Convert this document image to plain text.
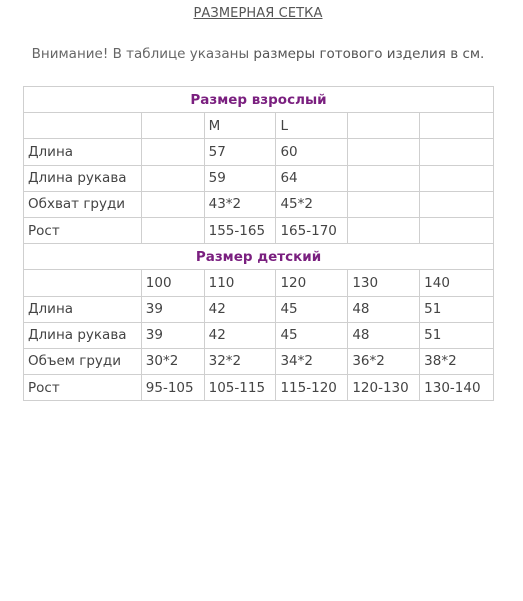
РАЗМЕРНАЯ СЕТКА
Внимание! В таблице указаны размеры готового изделия в см.
Размер взрослый					
		M	L		
Длина		57	60		
Длина рукава		59	64		
Обхват груди		43*2	45*2		
Рост		155-165	165-170		
Размер детский					
	100	110	120	130	140
Длина	39	42	45	48	51
Длина рукава	39	42	45	48	51
Объем груди	30*2	32*2	34*2	36*2	38*2
Рост	95-105	105-115	115-120	120-130	130-140
